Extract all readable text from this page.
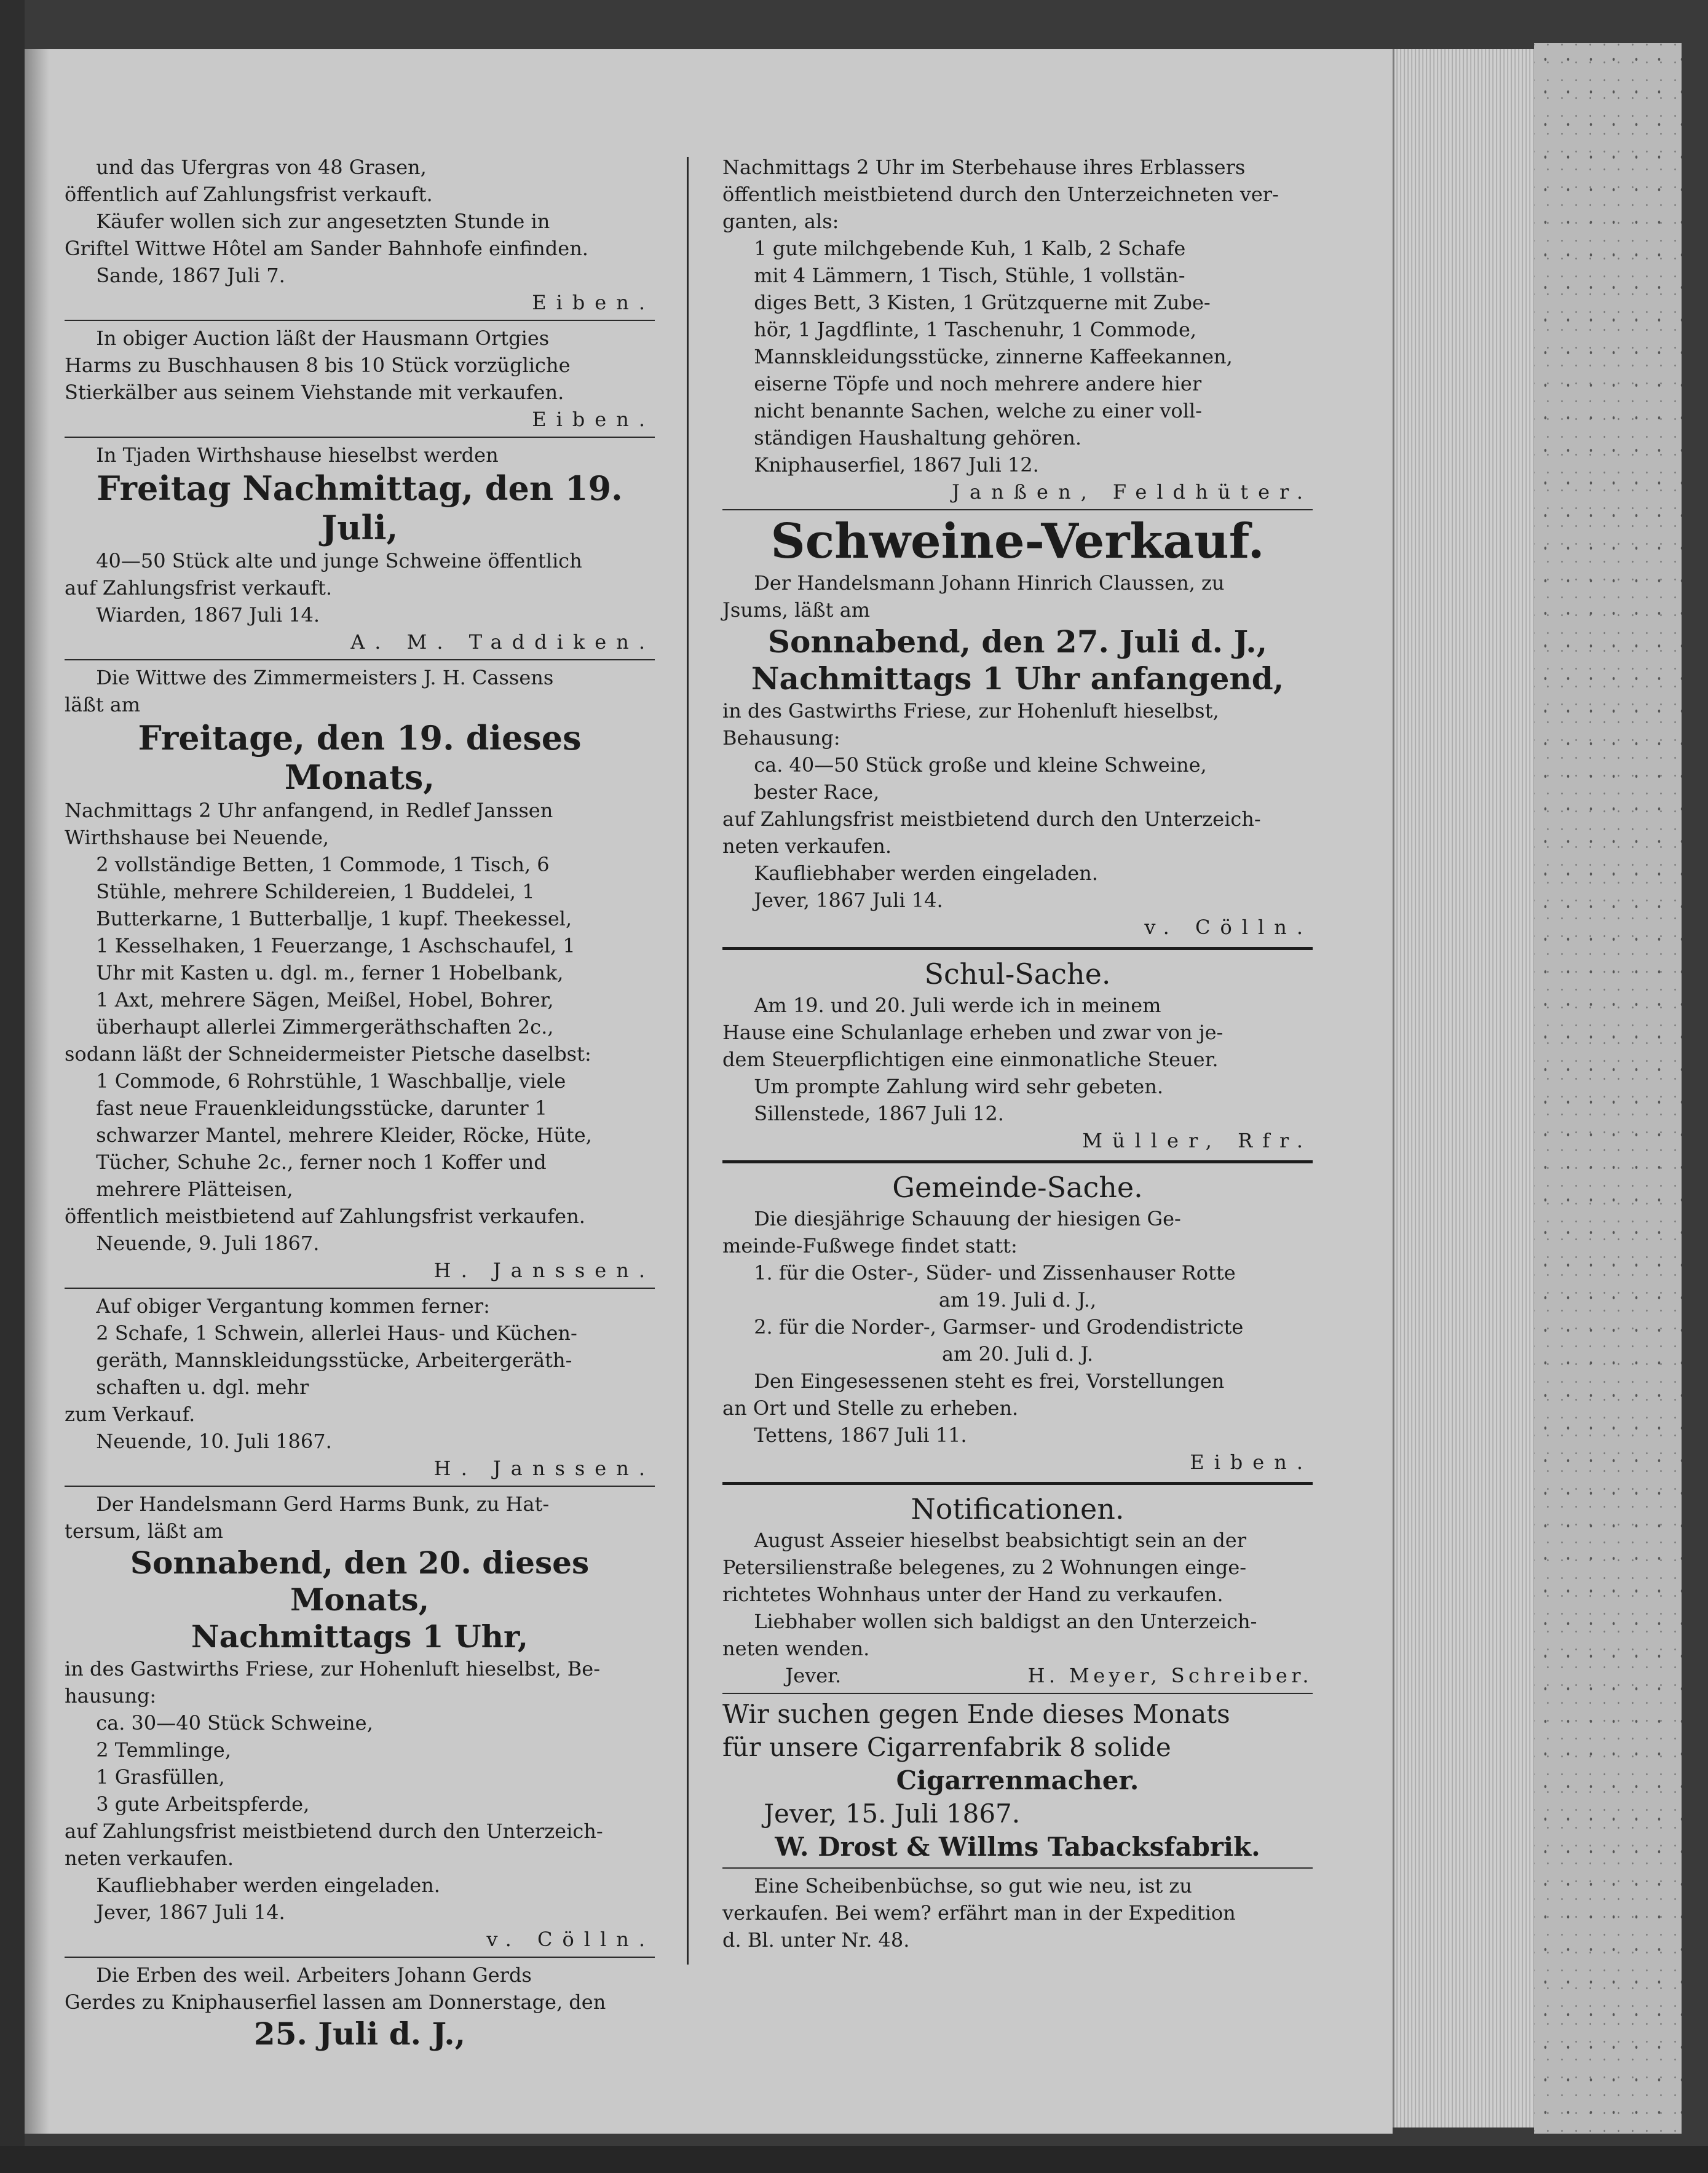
und das Ufergras von 48 Grasen,

öffentlich auf Zahlungsfrist verkauft.

Käufer wollen sich zur angesetzten Stunde in

Griftel Wittwe Hôtel am Sander Bahnhofe einfinden.

Sande, 1867 Juli 7.

Eiben.

In obiger Auction läßt der Hausmann Ortgies

Harms zu Buschhausen 8 bis 10 Stück vorzügliche

Stierkälber aus seinem Viehstande mit verkaufen.

Eiben.

In Tjaden Wirthshause hieselbst werden

Freitag Nachmittag, den 19. Juli,

40—50 Stück alte und junge Schweine öffentlich

auf Zahlungsfrist verkauft.

Wiarden, 1867 Juli 14.

A. M. Taddiken.

Die Wittwe des Zimmermeisters J. H. Cassens

läßt am

Freitage, den 19. dieses Monats,

Nachmittags 2 Uhr anfangend, in Redlef Janssen

Wirthshause bei Neuende,

2 vollständige Betten, 1 Commode, 1 Tisch, 6

Stühle, mehrere Schildereien, 1 Buddelei, 1

Butterkarne, 1 Butterballje, 1 kupf. Theekessel,

1 Kesselhaken, 1 Feuerzange, 1 Aschschaufel, 1

Uhr mit Kasten u. dgl. m., ferner 1 Hobelbank,

1 Axt, mehrere Sägen, Meißel, Hobel, Bohrer,

überhaupt allerlei Zimmergeräthschaften 2c.,

sodann läßt der Schneidermeister Pietsche daselbst:

1 Commode, 6 Rohrstühle, 1 Waschballje, viele

fast neue Frauenkleidungsstücke, darunter 1

schwarzer Mantel, mehrere Kleider, Röcke, Hüte,

Tücher, Schuhe 2c., ferner noch 1 Koffer und

mehrere Plätteisen,

öffentlich meistbietend auf Zahlungsfrist verkaufen.

Neuende, 9. Juli 1867.

H. Janssen.

Auf obiger Vergantung kommen ferner:

2 Schafe, 1 Schwein, allerlei Haus- und Küchen-

geräth, Mannskleidungsstücke, Arbeitergeräth-

schaften u. dgl. mehr

zum Verkauf.

Neuende, 10. Juli 1867.

H. Janssen.

Der Handelsmann Gerd Harms Bunk, zu Hat-

tersum, läßt am

Sonnabend, den 20. dieses Monats,

Nachmittags 1 Uhr,

in des Gastwirths Friese, zur Hohenluft hieselbst, Be-

hausung:

ca. 30—40 Stück Schweine,

2 Temmlinge,

1 Grasfüllen,

3 gute Arbeitspferde,

auf Zahlungsfrist meistbietend durch den Unterzeich-

neten verkaufen.

Kaufliebhaber werden eingeladen.

Jever, 1867 Juli 14.

v. Cölln.

Die Erben des weil. Arbeiters Johann Gerds

Gerdes zu Kniphauserfiel lassen am Donnerstage, den

25. Juli d. J.,

Nachmittags 2 Uhr im Sterbehause ihres Erblassers

öffentlich meistbietend durch den Unterzeichneten ver-

ganten, als:

1 gute milchgebende Kuh, 1 Kalb, 2 Schafe

mit 4 Lämmern, 1 Tisch, Stühle, 1 vollstän-

diges Bett, 3 Kisten, 1 Grützquerne mit Zube-

hör, 1 Jagdflinte, 1 Taschenuhr, 1 Commode,

Mannskleidungsstücke, zinnerne Kaffeekannen,

eiserne Töpfe und noch mehrere andere hier

nicht benannte Sachen, welche zu einer voll-

ständigen Haushaltung gehören.

Kniphauserfiel, 1867 Juli 12.

Janßen, Feldhüter.

Schweine-Verkauf.

Der Handelsmann Johann Hinrich Claussen, zu

Jsums, läßt am

Sonnabend, den 27. Juli d. J.,

Nachmittags 1 Uhr anfangend,

in des Gastwirths Friese, zur Hohenluft hieselbst,

Behausung:

ca. 40—50 Stück große und kleine Schweine,

bester Race,

auf Zahlungsfrist meistbietend durch den Unterzeich-

neten verkaufen.

Kaufliebhaber werden eingeladen.

Jever, 1867 Juli 14.

v. Cölln.

Schul-Sache.

Am 19. und 20. Juli werde ich in meinem

Hause eine Schulanlage erheben und zwar von je-

dem Steuerpflichtigen eine einmonatliche Steuer.

Um prompte Zahlung wird sehr gebeten.

Sillenstede, 1867 Juli 12.

Müller, Rfr.

Gemeinde-Sache.

Die diesjährige Schauung der hiesigen Ge-

meinde-Fußwege findet statt:

1. für die Oster-, Süder- und Zissenhauser Rotte

am 19. Juli d. J.,

2. für die Norder-, Garmser- und Grodendistricte

am 20. Juli d. J.

Den Eingesessenen steht es frei, Vorstellungen

an Ort und Stelle zu erheben.

Tettens, 1867 Juli 11.

Eiben.

Notificationen.

August Asseier hieselbst beabsichtigt sein an der

Petersilienstraße belegenes, zu 2 Wohnungen einge-

richtetes Wohnhaus unter der Hand zu verkaufen.

Liebhaber wollen sich baldigst an den Unterzeich-

neten wenden.

Jever.	H. Meyer, Schreiber.

Wir suchen gegen Ende dieses Monats

für unsere Cigarrenfabrik 8 solide

Cigarrenmacher.

Jever, 15. Juli 1867.

W. Drost & Willms Tabacksfabrik.

Eine Scheibenbüchse, so gut wie neu, ist zu

verkaufen. Bei wem? erfährt man in der Expedition

d. Bl. unter Nr. 48.
